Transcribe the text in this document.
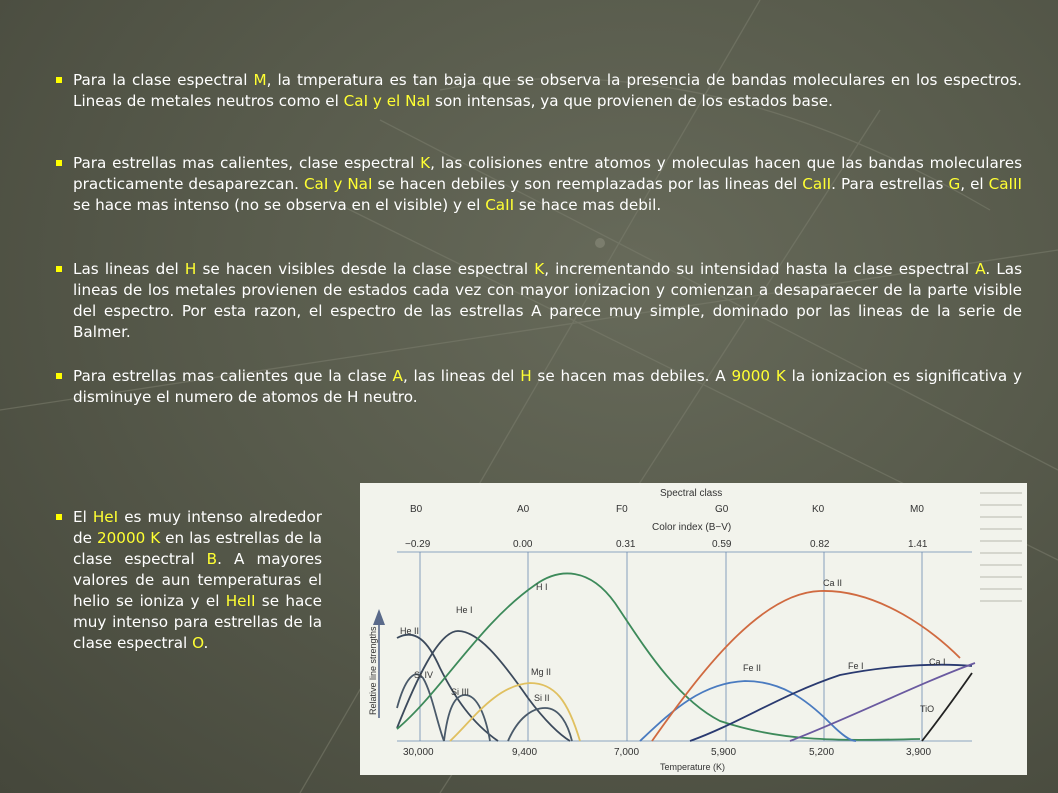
Para la clase espectral M, la tmperatura es tan baja que se observa la presencia de bandas moleculares en los espectros. Lineas de metales neutros como el CaI y el NaI son intensas, ya que provienen de los estados base.
Para estrellas mas calientes, clase espectral K, las colisiones entre atomos y moleculas hacen que las bandas moleculares practicamente desaparezcan. CaI y NaI se hacen debiles y son reemplazadas por las lineas del CaII. Para estrellas G, el CaIII se hace mas intenso (no se observa en el visible) y el CaII se hace mas debil.
Las lineas del H se hacen visibles desde la clase espectral K, incrementando su intensidad hasta la clase espectral A. Las lineas de los metales provienen de estados cada vez con mayor ionizacion y comienzan a desaparaecer de la parte visible del espectro. Por esta razon, el espectro de las estrellas A parece muy simple, dominado por las lineas de la serie de Balmer.
Para estrellas mas calientes que la clase A, las lineas del H se hacen mas debiles. A 9000 K la ionizacion es significativa y disminuye el numero de atomos de H neutro.
El HeI es muy intenso alrededor de 20000 K en las estrellas de la clase espectral B. A mayores valores de aun temperaturas el helio se ioniza y el HeII se hace muy intenso para estrellas de la clase espectral O.
Spectral class
Color index (B−V)
B0	A0	F0	G0	K0	M0
−0.29	0.00	0.31	0.59	0.82	1.41
Relative line strengths He II
He I
Si IV
Si III
H I
Mg II
Si II
Fe II
Ca II
Fe I	Ca I
TiO
30,000	9,400	7,000	5,900	5,200	3,900
Temperature (K)
